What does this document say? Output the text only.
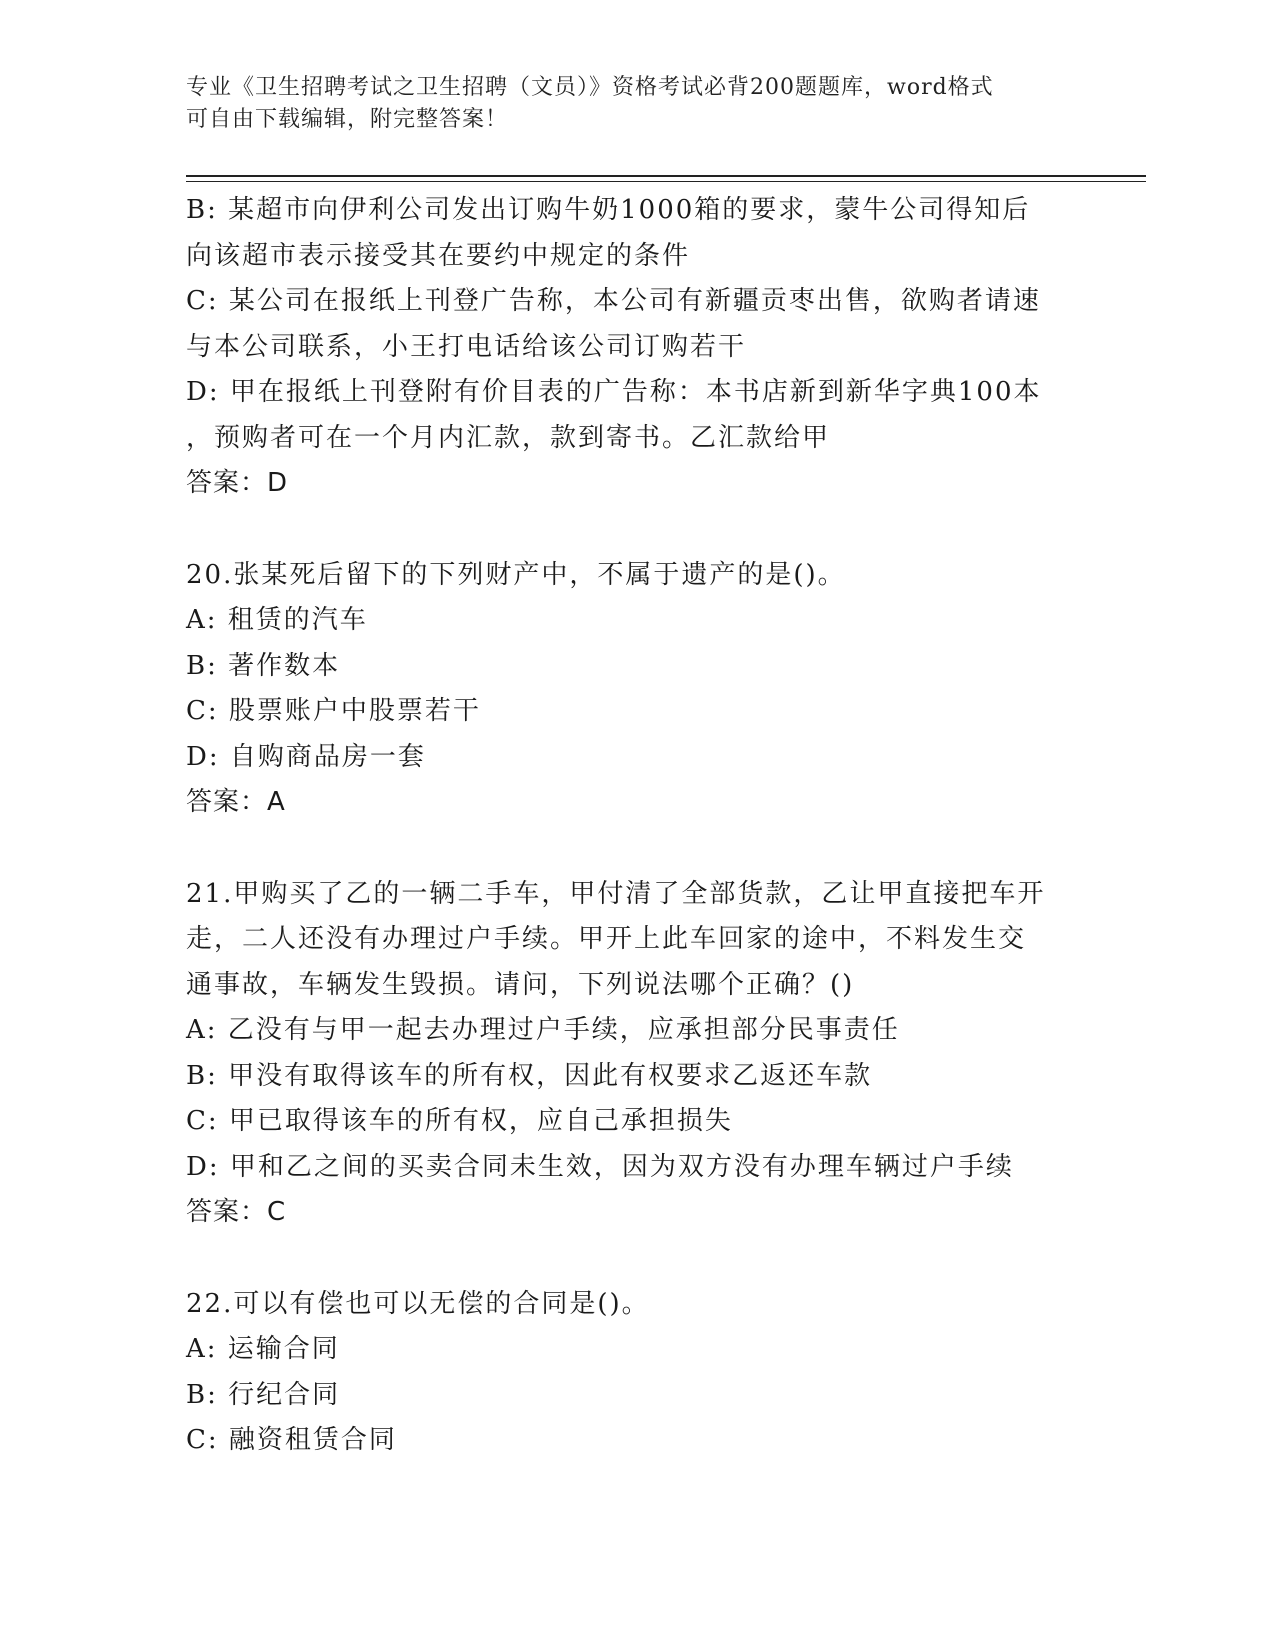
专业《卫生招聘考试之卫生招聘（文员）》资格考试必背200题题库，word格式
可自由下载编辑，附完整答案！
B: 某超市向伊利公司发出订购牛奶1000箱的要求，蒙牛公司得知后
向该超市表示接受其在要约中规定的条件
C: 某公司在报纸上刊登广告称，本公司有新疆贡枣出售，欲购者请速
与本公司联系，小王打电话给该公司订购若干
D: 甲在报纸上刊登附有价目表的广告称：本书店新到新华字典100本
，预购者可在一个月内汇款，款到寄书。乙汇款给甲
答案：D
20.张某死后留下的下列财产中，不属于遗产的是()。
A: 租赁的汽车
B: 著作数本
C: 股票账户中股票若干
D: 自购商品房一套
答案：A
21.甲购买了乙的一辆二手车，甲付清了全部货款，乙让甲直接把车开
走，二人还没有办理过户手续。甲开上此车回家的途中，不料发生交
通事故，车辆发生毁损。请问，下列说法哪个正确？()
A: 乙没有与甲一起去办理过户手续，应承担部分民事责任
B: 甲没有取得该车的所有权，因此有权要求乙返还车款
C: 甲已取得该车的所有权，应自己承担损失
D: 甲和乙之间的买卖合同未生效，因为双方没有办理车辆过户手续
答案：C
22.可以有偿也可以无偿的合同是()。
A: 运输合同
B: 行纪合同
C: 融资租赁合同
